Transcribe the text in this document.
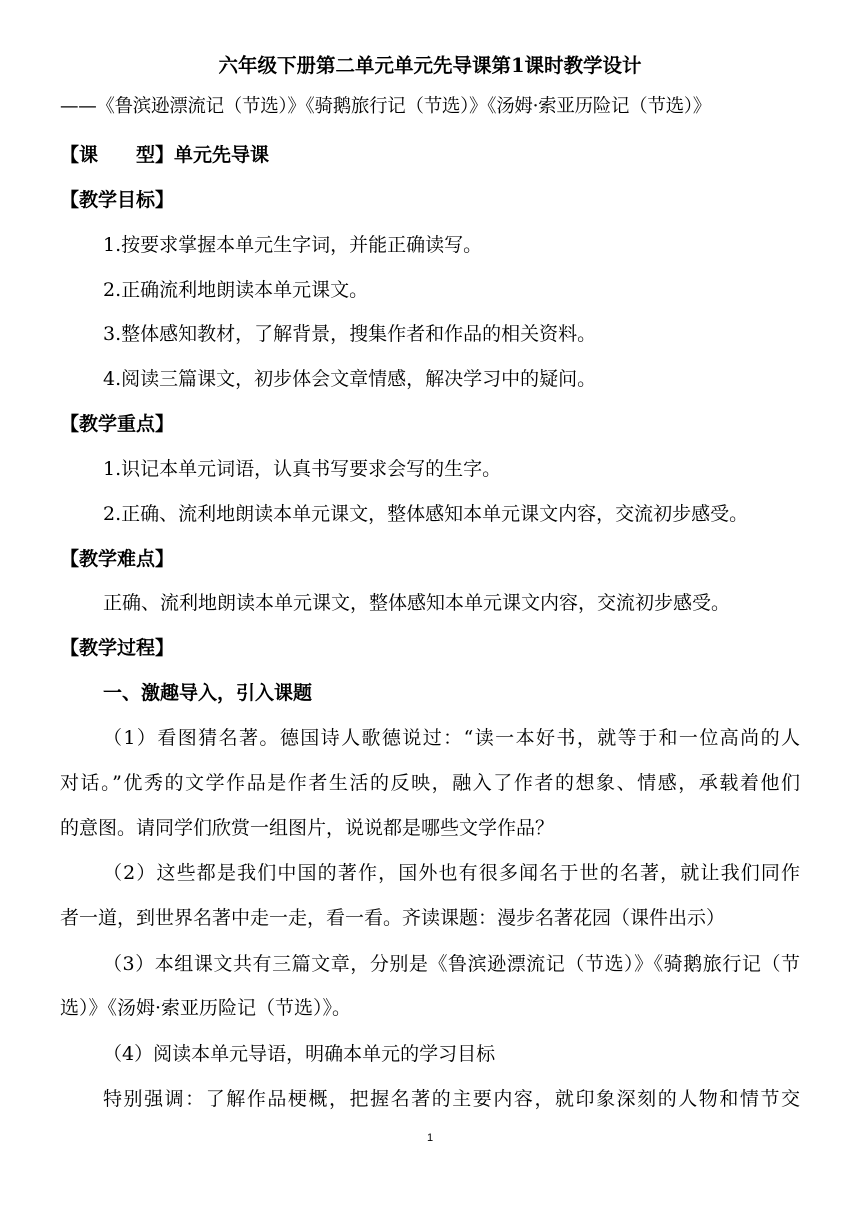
六年级下册第二单元单元先导课第1课时教学设计
——《鲁滨逊漂流记（节选）》《骑鹅旅行记（节选）》《汤姆·索亚历险记（节选）》
【课　　型】单元先导课
【教学目标】
1.按要求掌握本单元生字词，并能正确读写。
2.正确流利地朗读本单元课文。
3.整体感知教材，了解背景，搜集作者和作品的相关资料。
4.阅读三篇课文，初步体会文章情感，解决学习中的疑问。
【教学重点】
1.识记本单元词语，认真书写要求会写的生字。
2.正确、流利地朗读本单元课文，整体感知本单元课文内容，交流初步感受。
【教学难点】
正确、流利地朗读本单元课文，整体感知本单元课文内容，交流初步感受。
【教学过程】
一、激趣导入，引入课题
（1）看图猜名著。德国诗人歌德说过：“读一本好书，就等于和一位高尚的人
对话。”优秀的文学作品是作者生活的反映，融入了作者的想象、情感，承载着他们
的意图。请同学们欣赏一组图片，说说都是哪些文学作品？
（2）这些都是我们中国的著作，国外也有很多闻名于世的名著，就让我们同作
者一道，到世界名著中走一走，看一看。齐读课题：漫步名著花园（课件出示）
（3）本组课文共有三篇文章，分别是《鲁滨逊漂流记（节选）》《骑鹅旅行记（节
选）》《汤姆·索亚历险记（节选）》。
（4）阅读本单元导语，明确本单元的学习目标
特别强调：了解作品梗概，把握名著的主要内容，就印象深刻的人物和情节交
1
